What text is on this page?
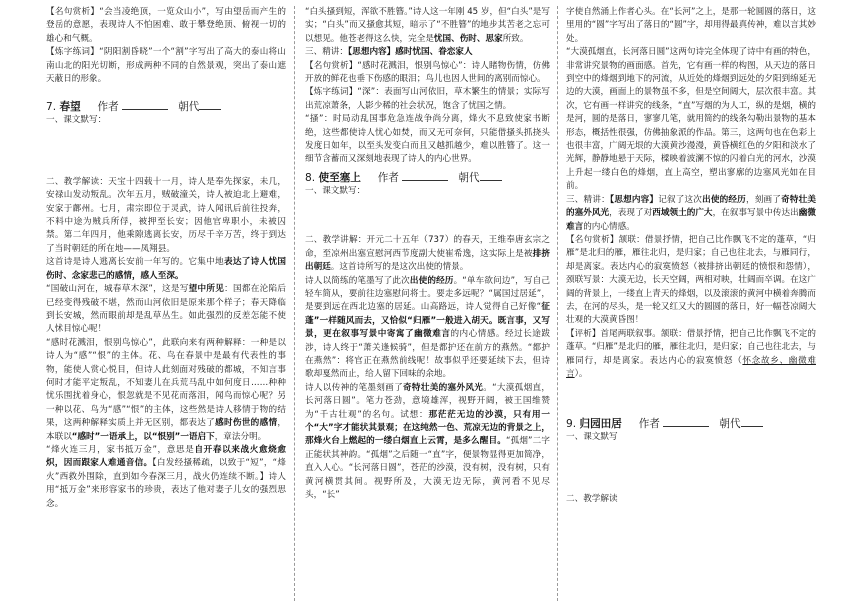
【名句赏析】“会当凌绝顶，一览众山小”，写由望岳而产生的登岳的意愿，表现诗人不怕困难、敢于攀登绝顶、俯视一切的雄心和气概。

【炼字练词】“阴阳割昏晓”一个“割”字写出了高大的泰山将山南山北的阳光切断，形成两种不同的自然景观，突出了泰山遮天蔽日的形象。

7. 春望 作者	朝代

一、课文默写：

二、教学解读：天宝十四载十一月，诗人是奉先探家，未几，安禄山发动叛乱。次年五月，贼破潼关，诗人被迫北上避难，安家于鄜州。七月，肃宗即位于灵武，诗人闻讯后前往投奔，不料中途为贼兵所俘，被押至长安；因他官卑职小，未被囚禁。第二年四月，他乘隙逃离长安，历尽千辛万苦，终于到达了当时朝廷的所在地——凤翔县。

这首诗是诗人逃离长安前一年写的。它集中地表达了诗人忧国伤时、念家悲己的感情，感人至深。

“国破山河在，城春草木深”，这是写望中所见：国都在沦陷后已经变得残破不堪，然而山河依旧是原来那个样子；春天降临到长安城，然而眼前却是乱草丛生。如此强烈的反差怎能不使人怵目惊心呢！

“感时花溅泪，恨别鸟惊心”，此联向来有两种解释：一种是以诗人为“感”“恨”的主体。花、鸟在春景中是最有代表性的事物，能使人赏心悦目，但诗人此刻面对残破的都城，不知言事何时才能平定叛乱，不知妻儿在兵荒马乱中如何度日……种种忧乐围扰着身心，恨忽就是不见花而落泪，闻鸟而惊心呢？另一种以花、鸟为“感”“恨”的主体，这些然是诗人移情于物的结果，这两种解释实质上并无区别，都表达了感时伤世的感情，本联以“感时”一语承上，以“恨别”一语启下，章法分明。

“烽火连三月，家书抵万金”，意思是自开春以来战火愈烧愈炽，因而跟家人难通音信。【白发经搔稀疏，以致于“短”，“烽火”西救外围除，直到如今春深三月，战火仍连续不断。】诗人用“抵万金”来形容家书的珍贵，表达了他对妻子儿女的强烈思念。

“白头搔到短，浑欲不胜簪。”诗人这一年刚 45 岁，但“白头”是写实；“白头”而又搔愈其短，暗示了“不胜簪”的地步其苦老之忘可以想见。他苍老得这么快，完全是忧国、伤时、思家所致。

三、精讲：【思想内容】感时忧国、眷恋家人

【名句赏析】“感时花溅泪，恨别鸟惊心”：诗人睹物伤情，仿佛开放的鲜花也垂下伤感的眼泪；鸟儿也因人世间的离别而惊心。

【炼字练词】“深”：表面写山河依旧，草木繁生的情景；实际写出荒凉萧条，人影少稀的社会状况，饱含了忧国之情。

“搔”：时局动乱国事危急连战争尚分离，烽火不息致使家书断绝，这些都使诗人忧心如焚，而又无可奈何，只能借搔头抓挠头发度日如年，以至头发变白而且又越抓越少，难以胜簪了。这一细节含蓄而又深刻地表现了诗人的内心世界。

8. 使至塞上 作者	朝代

一、课文默写：

二、教学讲解：开元二十五年（737）的春天，王维奉唐玄宗之命，至凉州出塞宣慰河西节度副大使崔希逸，这实际上是被排挤出朝廷。这首诗所写的是这次出使的情景。

诗人以简练的笔墨写了此次出使的经历。“单车欲问边”，写自己轻车简从，要前往边塞慰问将士。要走多远呢？“属国过居延”，是要到远在西北边塞的居延。山高路远，诗人觉得自己好像“征蓬”一样随风而去，又恰似“归雁”一般进入胡天。既言事，又写景，更在叙事写景中寄寓了幽微难言的内心情感。经过长途跋涉，诗人终于“萧关逢候骑”，但是都护还在前方的燕然。“都护在燕然”：将官正在燕然前线呢！故事似乎还要延续下去，但诗歌却戛然而止，给人留下回味的余地。

诗人以传神的笔墨刻画了奇特壮美的塞外风光。“大漠孤烟直，长河落日圆”。笔力苍劲，意境雄浑，视野开阔，被王国维赞为“千古壮观”的名句。试想：那茫茫无边的沙漠，只有用一个“大”字才能状其景观；在这纯然一色、荒凉无边的背景之上，那烽火台上燃起的一缕白烟直上云霄，是多么醒目。“孤烟”二字正能状其神韵。“孤烟”之后随一“直”字，便景物显得更加简净，直入人心。“长河落日圆”，苍茫的沙漠，没有树，没有树，只有黄河横贯其间。视野所及，大漠无边无际，黄河看不见尽头，“长”

字使自然涌上作者心头。在“长河”之上，是那一轮圆圆的落日，这里用的“圆”字写出了落日的“圆”字，却用得最真传神，难以言其妙处。

“大漠孤烟直，长河落日圆”这两句诗完全体现了诗中有画的特色，非常讲究景物的画面感。首先，它有画一样的构图，从天边的落日到空中的烽烟到地下的河流，从近处的烽烟到远处的夕阳到绵延无边的大漠，画面上的景物虽不多，但是空间阔大，层次很丰富。其次，它有画一样讲究的线条，“直”写烟的为人工，纵的是烟，横的是河，圆的是落日，寥寥几笔，就用简约的线条勾勒出景物的基本形态，概括性很强，仿佛抽象派的作品。第三，这两句也在色彩上也很丰富，广阔无垠的大漠黄沙漫漫，黄昏横红色的夕阳和淡水了光辉，静静地悬于天际，樑映着波澜不惊的闪着白光的河水，沙漠上升起一缕白色的烽烟，直上高空，塑出寥廓的边塞风光如在目前。

三、精讲：【思想内容】记叙了这次出使的经历，刻画了奇特壮美的塞外风光，表现了对西域领土的广大，在叙事写景中传达出幽微难言的内心情感。

【名句赏析】颔联：借景抒情，把自己比作飘飞不定的蓬草，“归雁”是北归的雁，雁往北归，是归家；自己也往北去，与雁同行，却是离家。表达内心的寂寞愤怒（被排挤出朝廷的愤恨和怨情），颈联写景：大漠无边，长天空阔，两相对映，壮阔而卒调。在这广阔的背景上，一缕直上青天的烽烟，以及滚滚的黄河中横着奔腾而去，在河的尽头，是一轮又红又大的圆圆的落日，好一幅苍凉阔大壮观的大漠黄昏图！

【评析】首尾两联叙事。颔联：借景抒情，把自己比作飘飞不定的蓬草。“归雁”是北归的雁，雁往北归，是归家；自己也往北去，与雁同行，却是离家。表达内心的寂寞愤怒（怀念故乡、幽微难言）。

9. 归园田居 作者	朝代

一、课文默写

二、教学解读
